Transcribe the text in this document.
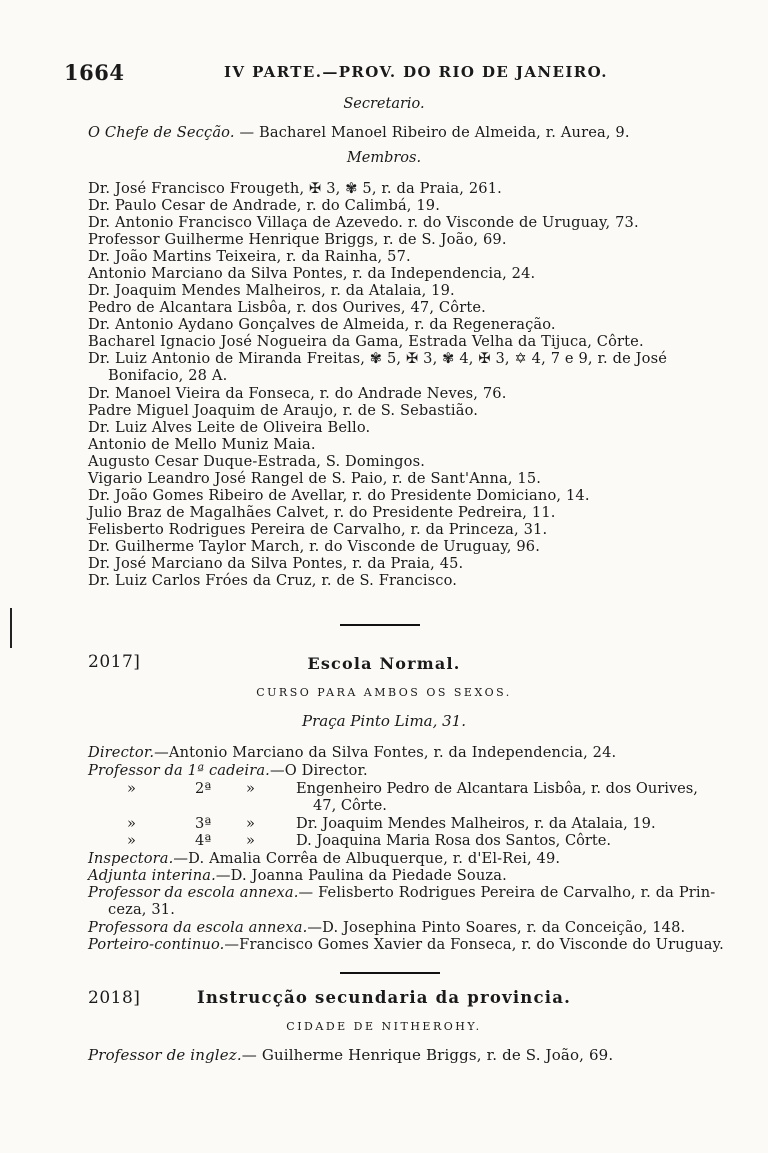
1664	IV PARTE.—PROV. DO RIO DE JANEIRO.
Secretario.
O Chefe de Secção. — Bacharel Manoel Ribeiro de Almeida, r. Aurea, 9.
Membros.
Dr. José Francisco Frougeth, ✠ 3, ✾ 5, r. da Praia, 261.
Dr. Paulo Cesar de Andrade, r. do Calimbá, 19.
Dr. Antonio Francisco Villaça de Azevedo. r. do Visconde de Uruguay, 73.
Professor Guilherme Henrique Briggs, r. de S. João, 69.
Dr. João Martins Teixeira, r. da Rainha, 57.
Antonio Marciano da Silva Pontes, r. da Independencia, 24.
Dr. Joaquim Mendes Malheiros, r. da Atalaia, 19.
Pedro de Alcantara Lisbôa, r. dos Ourives, 47, Côrte.
Dr. Antonio Aydano Gonçalves de Almeida, r. da Regeneração.
Bacharel Ignacio José Nogueira da Gama, Estrada Velha da Tijuca, Côrte.
Dr. Luiz Antonio de Miranda Freitas, ✾ 5, ✠ 3, ✾ 4, ✠ 3, ✡ 4, 7 e 9, r. de José
Bonifacio, 28 A.
Dr. Manoel Vieira da Fonseca, r. do Andrade Neves, 76.
Padre Miguel Joaquim de Araujo, r. de S. Sebastião.
Dr. Luiz Alves Leite de Oliveira Bello.
Antonio de Mello Muniz Maia.
Augusto Cesar Duque-Estrada, S. Domingos.
Vigario Leandro José Rangel de S. Paio, r. de Sant'Anna, 15.
Dr. João Gomes Ribeiro de Avellar, r. do Presidente Domiciano, 14.
Julio Braz de Magalhães Calvet, r. do Presidente Pedreira, 11.
Felisberto Rodrigues Pereira de Carvalho, r. da Princeza, 31.
Dr. Guilherme Taylor March, r. do Visconde de Uruguay, 96.
Dr. José Marciano da Silva Pontes, r. da Praia, 45.
Dr. Luiz Carlos Fróes da Cruz, r. de S. Francisco.
2017]	Escola Normal.
CURSO PARA AMBOS OS SEXOS.
Praça Pinto Lima, 31.
Director.—Antonio Marciano da Silva Fontes, r. da Independencia, 24.
Professor da 1ª cadeira.—O Director.
»	2ª »	Engenheiro Pedro de Alcantara Lisbôa, r. dos Ourives,
47, Côrte.
»	3ª »	Dr. Joaquim Mendes Malheiros, r. da Atalaia, 19.
»	4ª »	D. Joaquina Maria Rosa dos Santos, Côrte.
Inspectora.—D. Amalia Corrêa de Albuquerque, r. d'El-Rei, 49.
Adjunta interina.—D. Joanna Paulina da Piedade Souza.
Professor da escola annexa.— Felisberto Rodrigues Pereira de Carvalho, r. da Prin-
ceza, 31.
Professora da escola annexa.—D. Josephina Pinto Soares, r. da Conceição, 148.
Porteiro-continuo.—Francisco Gomes Xavier da Fonseca, r. do Visconde do Uruguay.
2018]	Instrucção secundaria da provincia.
CIDADE DE NITHEROHY.
Professor de inglez.— Guilherme Henrique Briggs, r. de S. João, 69.
